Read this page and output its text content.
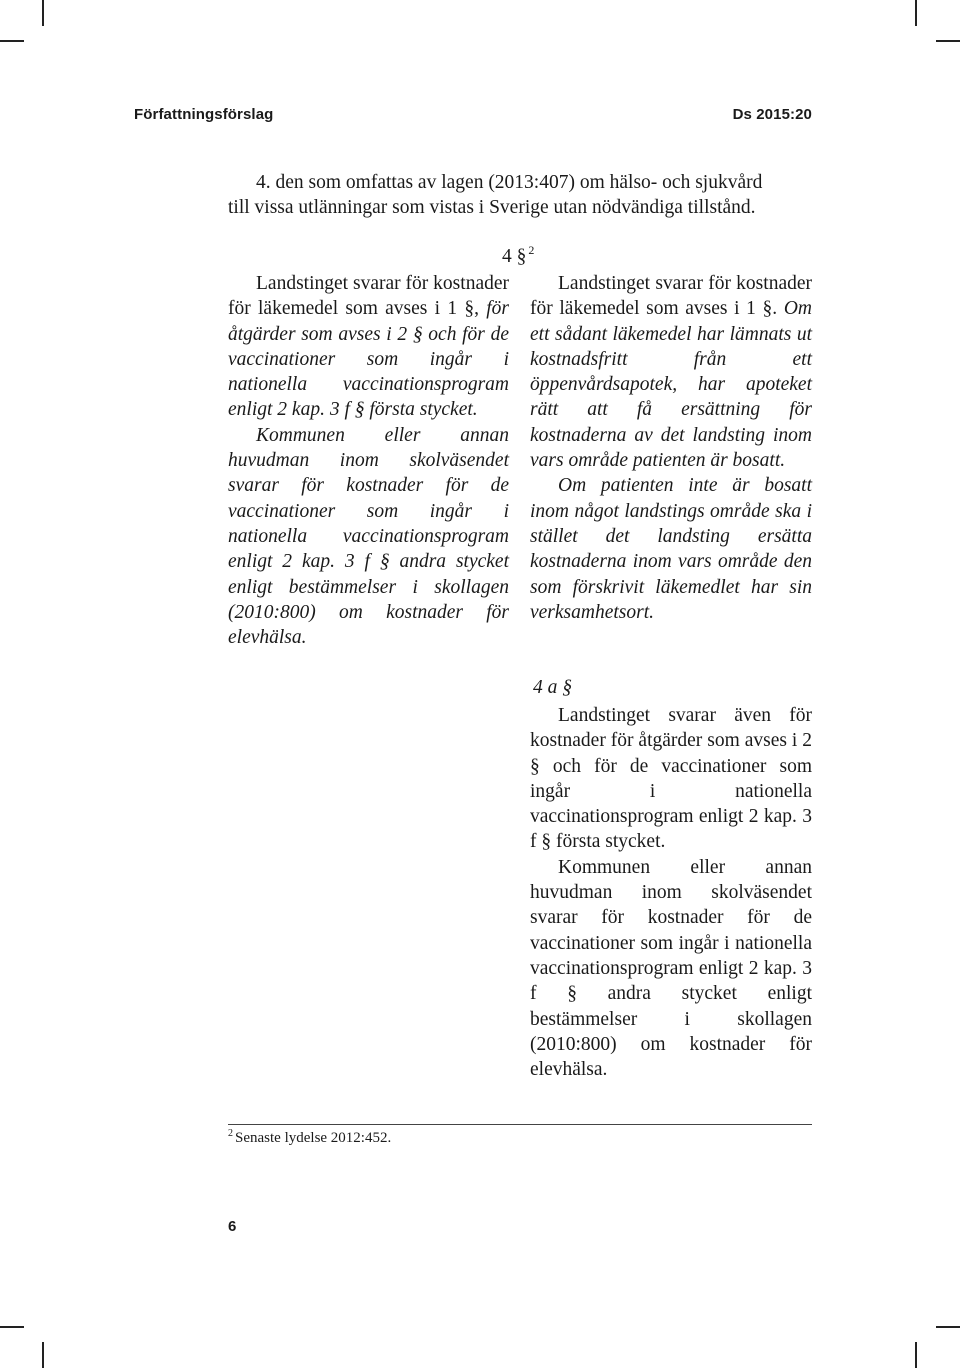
Författningsförslag	Ds 2015:20

4. den som omfattas av lagen (2013:407) om hälso- och sjukvård
till vissa utlänningar som vistas i Sverige utan nödvändiga tillstånd.

4 § $^2$

Landstinget svarar för kostnader för läkemedel som avses i 1 §, för åtgärder som avses i 2 § och för de vaccinationer som ingår i nationella vaccinationsprogram enligt 2 kap. 3 f § första stycket.

Kommunen eller annan huvudman inom skolväsendet svarar för kostnader för de vaccinationer som ingår i nationella vaccinationsprogram enligt 2 kap. 3 f § andra stycket enligt bestämmelser i skollagen (2010:800) om kostnader för elevhälsa.

Landstinget svarar för kostnader för läkemedel som avses i 1 §. Om ett sådant läkemedel har lämnats ut kostnadsfritt från ett öppenvårdsapotek, har apoteket rätt att få ersättning för kostnaderna av det landsting inom vars område patienten är bosatt.

Om patienten inte är bosatt inom något landstings område ska i stället det landsting ersätta kostnaderna inom vars område den som förskrivit läkemedlet har sin verksamhetsort.

4 a §

Landstinget svarar även för kostnader för åtgärder som avses i 2 § och för de vaccinationer som ingår i nationella vaccinationsprogram enligt 2 kap. 3 f § första stycket.

Kommunen eller annan huvudman inom skolväsendet svarar för kostnader för de vaccinationer som ingår i nationella vaccinationsprogram enligt 2 kap. 3 f § andra stycket enligt bestämmelser i skollagen (2010:800) om kostnader för elevhälsa.

$^2$ Senaste lydelse 2012:452.
6
